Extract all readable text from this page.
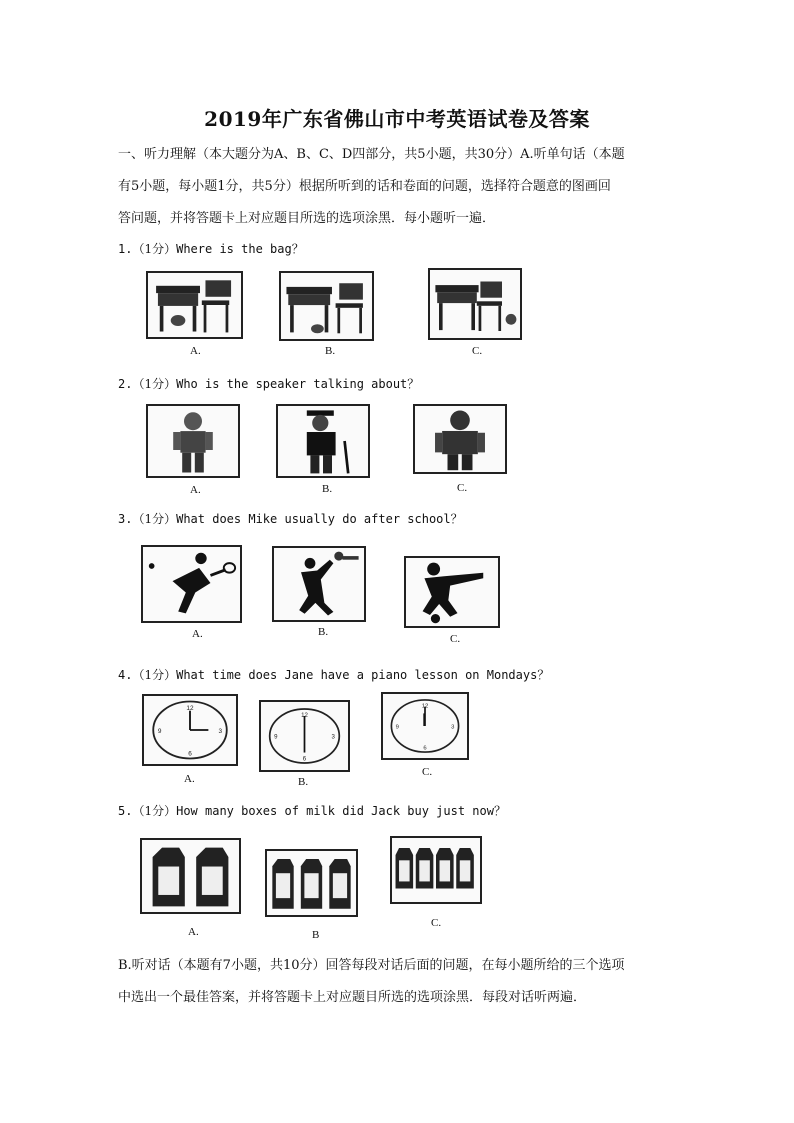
2019年广东省佛山市中考英语试卷及答案
一、听力理解（本大题分为A、B、C、D四部分，共5小题，共30分）A.听单句话（本题
有5小题，每小题1分，共5分）根据所听到的话和卷面的问题，选择符合题意的图画回
答问题，并将答题卡上对应题目所选的选项涂黑．每小题听一遍．
1.（1分）Where is the bag？
A.	B.	C.
2.（1分）Who is the speaker talking about？
A.	B.	C.
3.（1分）What does Mike usually do after school？
A.	B.
C.
4.（1分）What time does Jane have a piano lesson on Mondays？
12
3
6
9
A.
12
3
6
9
B.
12
3
6
9
C.
5.（1分）How many boxes of milk did Jack buy just now？
A.	B
C.
B.听对话（本题有7小题，共10分）回答每段对话后面的问题，在每小题所给的三个选项
中选出一个最佳答案，并将答题卡上对应题目所选的选项涂黑．每段对话听两遍．
